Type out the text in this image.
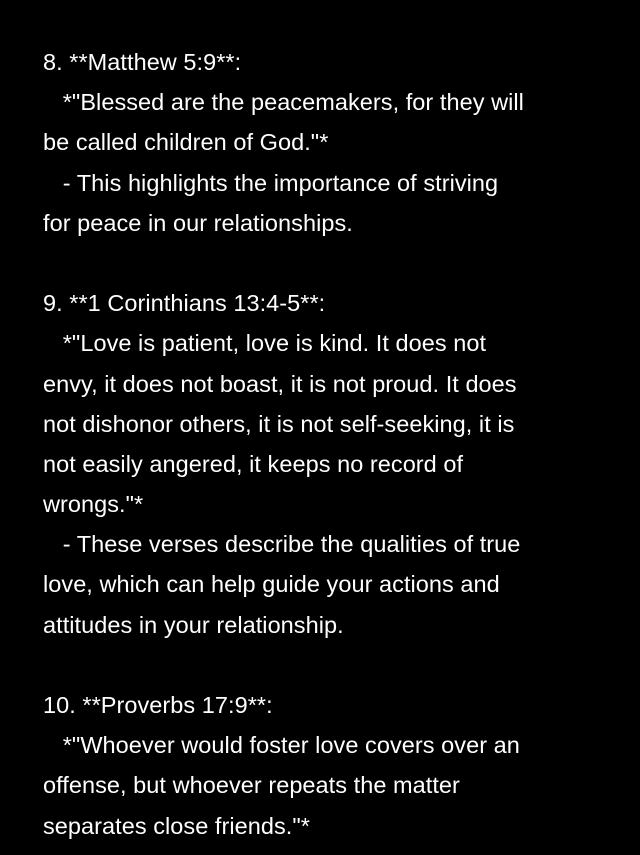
8. **Matthew 5:9**:
*"Blessed are the peacemakers, for they will
be called children of God."*
- This highlights the importance of striving
for peace in our relationships.
9. **1 Corinthians 13:4-5**:
*"Love is patient, love is kind. It does not
envy, it does not boast, it is not proud. It does
not dishonor others, it is not self-seeking, it is
not easily angered, it keeps no record of
wrongs."*
- These verses describe the qualities of true
love, which can help guide your actions and
attitudes in your relationship.
10. **Proverbs 17:9**:
*"Whoever would foster love covers over an
offense, but whoever repeats the matter
separates close friends."*
